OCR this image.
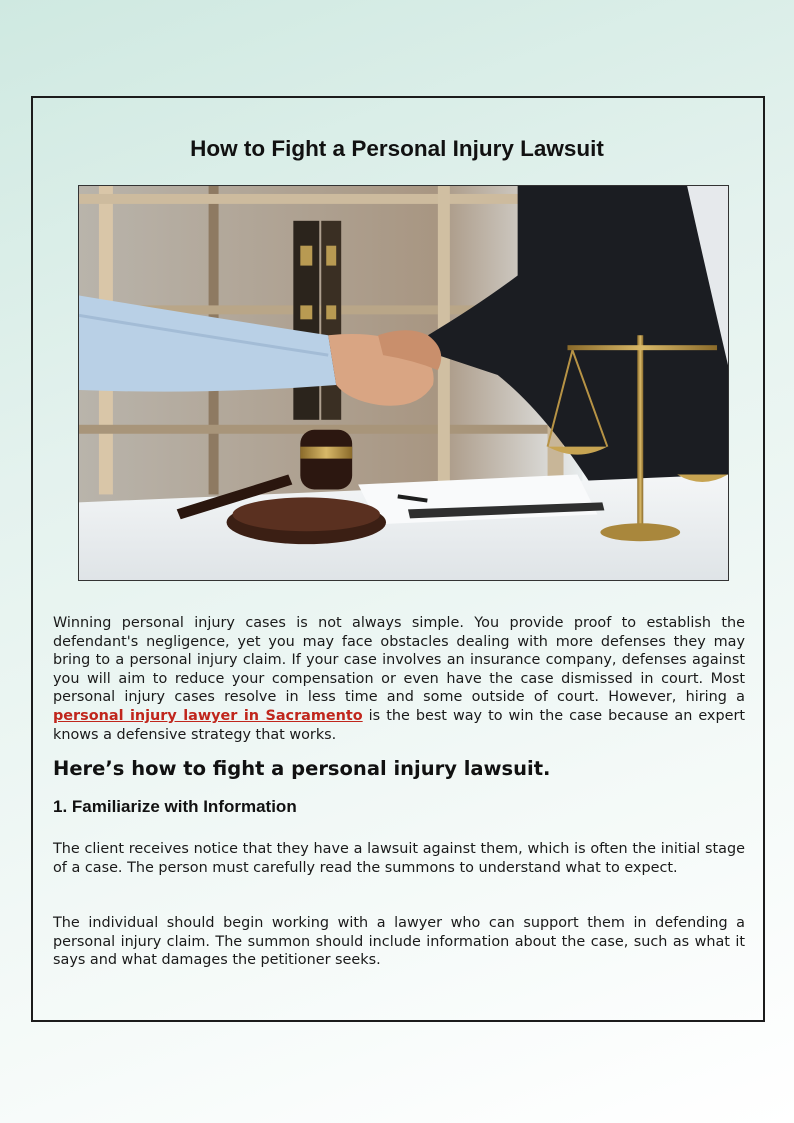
How to Fight a Personal Injury Lawsuit

Winning personal injury cases is not always simple. You provide proof to establish the defendant's negligence, yet you may face obstacles dealing with more defenses they may bring to a personal injury claim. If your case involves an insurance company, defenses against you will aim to reduce your compensation or even have the case dismissed in court. Most personal injury cases resolve in less time and some outside of court. However, hiring a personal injury lawyer in Sacramento is the best way to win the case because an expert knows a defensive strategy that works.

Here’s how to fight a personal injury lawsuit.
1. Familiarize with Information

The client receives notice that they have a lawsuit against them, which is often the initial stage of a case. The person must carefully read the summons to understand what to expect.

The individual should begin working with a lawyer who can support them in defending a personal injury claim. The summon should include information about the case, such as what it says and what damages the petitioner seeks.
